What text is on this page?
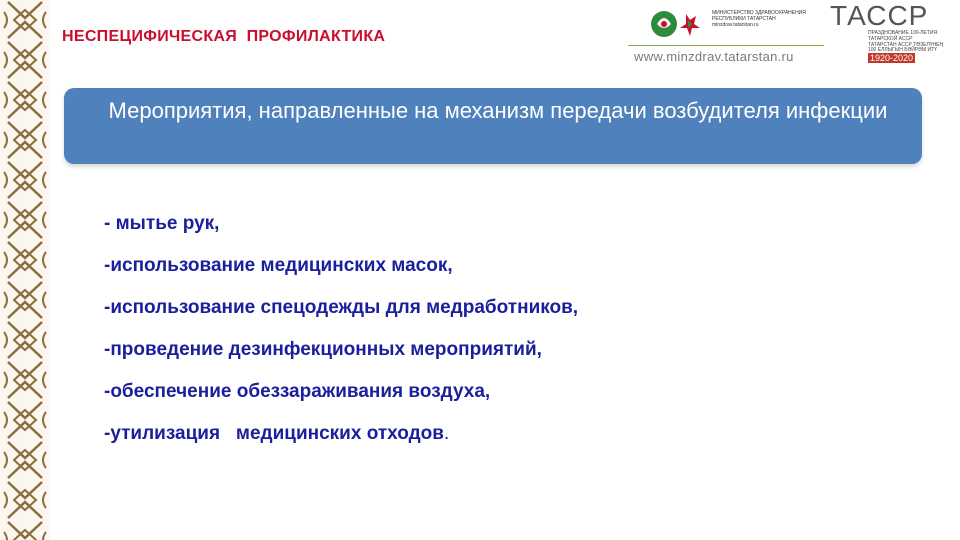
НЕСПЕЦИФИЧЕСКАЯ  ПРОФИЛАКТИКА
МИНИСТЕРСТВО ЗДРАВООХРАНЕНИЯ
РЕСПУБЛИКИ ТАТАРСТАН
minzdrav.tatarstan.ru
www.minzdrav.tatarstan.ru
ТАССР
ПРАЗДНОВАНИЕ 100-ЛЕТИЯ
ТАТАРСКОЙ АССР
ТАТАРСТАН АССР ТӨЗЕЛҮНЕҢ
100 ЕЛЛЫГЫН БӘЙРӘМ ИТҮ
1920-2020
Мероприятия, направленные на механизм передачи возбудителя инфекции
- мытье рук,
-использование медицинских масок,
-использование спецодежды для медработников,
-проведение дезинфекционных мероприятий,
-обеспечение обеззараживания воздуха,
-утилизация   медицинских отходов.
